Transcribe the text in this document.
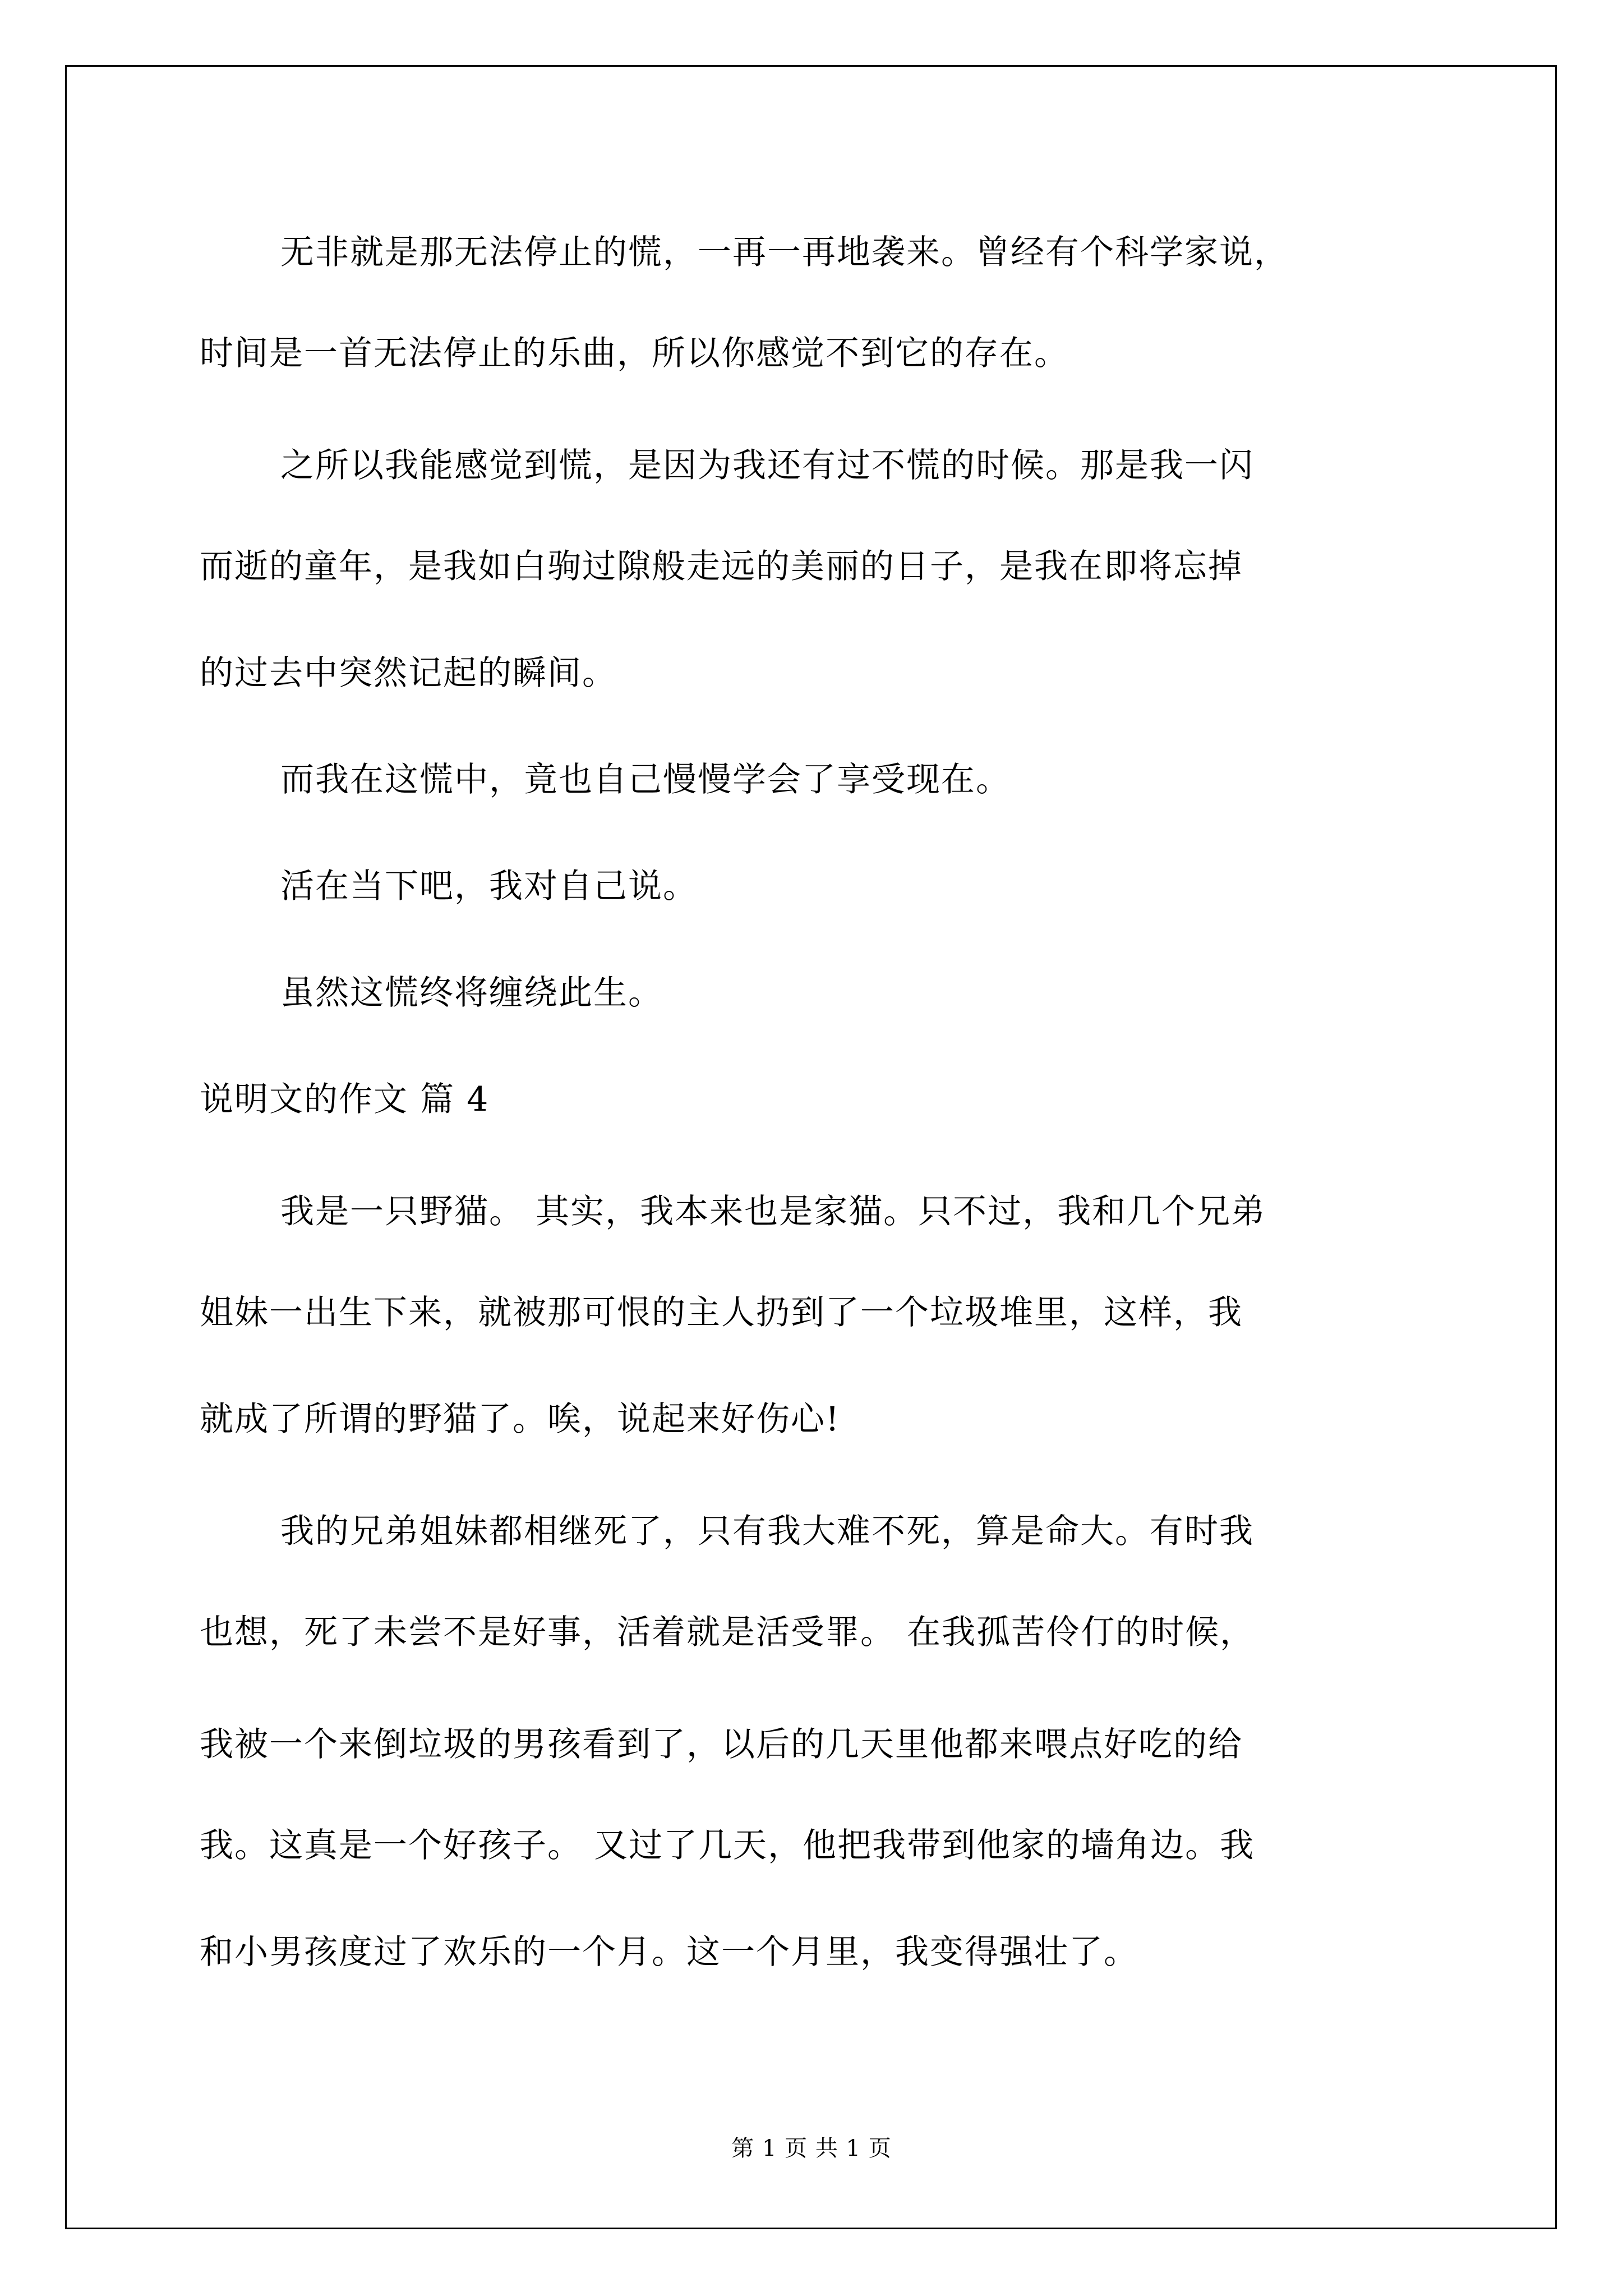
无非就是那无法停止的慌，一再一再地袭来。曾经有个科学家说，
时间是一首无法停止的乐曲，所以你感觉不到它的存在。
之所以我能感觉到慌，是因为我还有过不慌的时候。那是我一闪
而逝的童年，是我如白驹过隙般走远的美丽的日子，是我在即将忘掉
的过去中突然记起的瞬间。
而我在这慌中，竟也自己慢慢学会了享受现在。
活在当下吧，我对自己说。
虽然这慌终将缠绕此生。
说明文的作文 篇 4
我是一只野猫。 其实，我本来也是家猫。只不过，我和几个兄弟
姐妹一出生下来，就被那可恨的主人扔到了一个垃圾堆里，这样，我
就成了所谓的野猫了。唉，说起来好伤心!
我的兄弟姐妹都相继死了，只有我大难不死，算是命大。有时我
也想，死了未尝不是好事，活着就是活受罪。 在我孤苦伶仃的时候，
我被一个来倒垃圾的男孩看到了，以后的几天里他都来喂点好吃的给
我。这真是一个好孩子。 又过了几天，他把我带到他家的墙角边。我
和小男孩度过了欢乐的一个月。这一个月里，我变得强壮了。
第 1 页 共 1 页
